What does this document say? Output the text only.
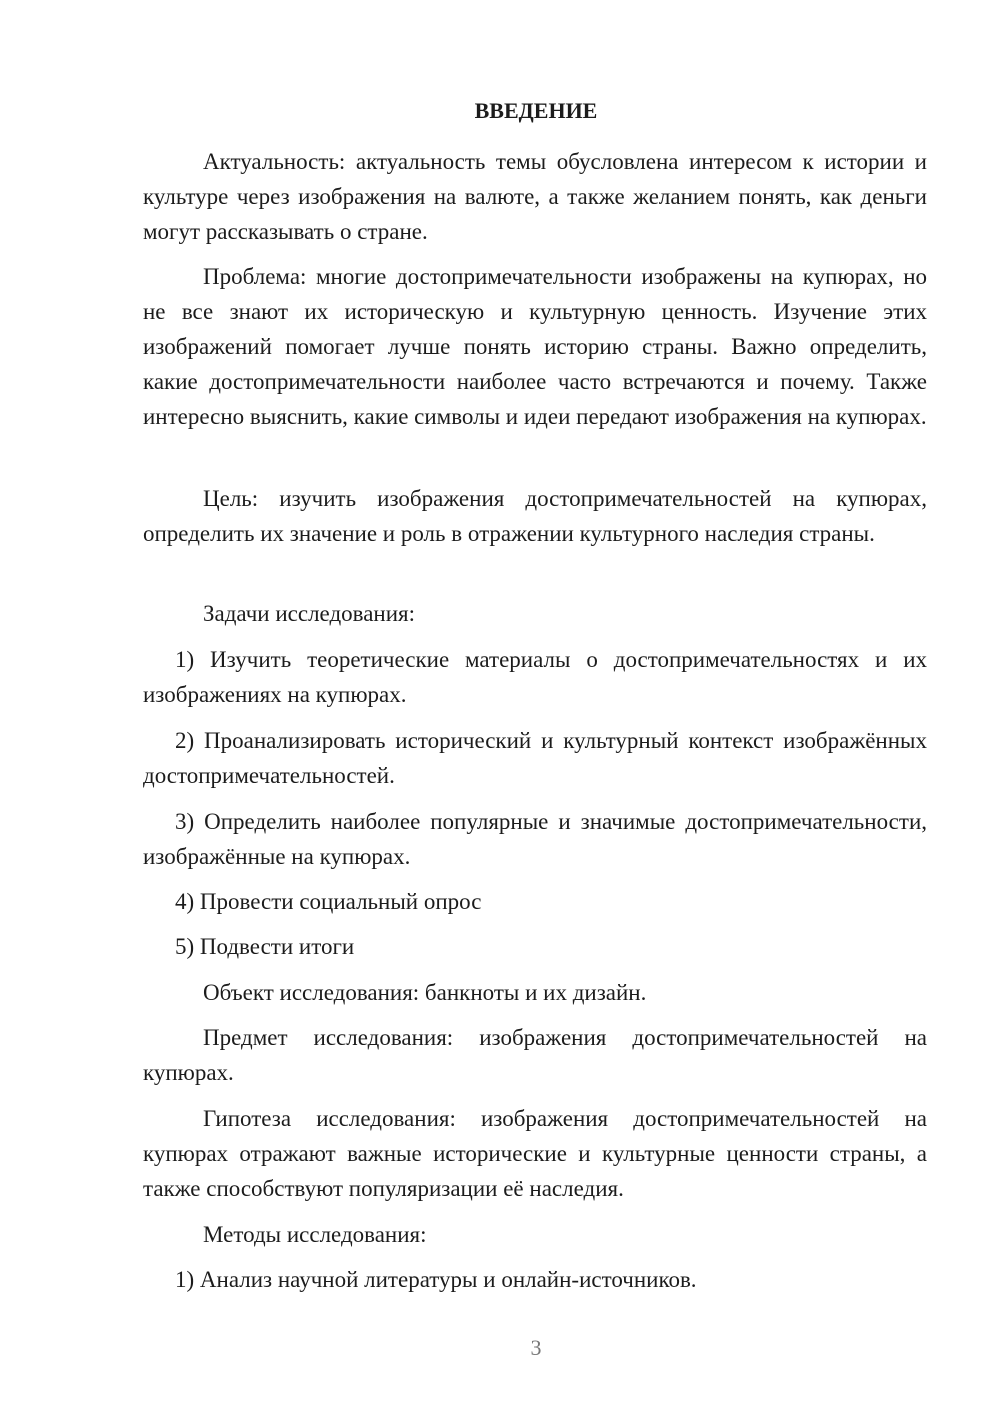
ВВЕДЕНИЕ

Актуальность: актуальность темы обусловлена интересом к истории и культуре через изображения на валюте, а также желанием понять, как деньги могут рассказывать о стране.

Проблема: многие достопримечательности изображены на купюрах, но не все знают их историческую и культурную ценность. Изучение этих изображений помогает лучше понять историю страны. Важно определить, какие достопримечательности наиболее часто встречаются и почему. Также интересно выяснить, какие символы и идеи передают изображения на купюрах.

Цель: изучить изображения достопримечательностей на купюрах, определить их значение и роль в отражении культурного наследия страны.

Задачи исследования:

1) Изучить теоретические материалы о достопримечательностях и их изображениях на купюрах.

2) Проанализировать исторический и культурный контекст изображённых достопримечательностей.

3) Определить наиболее популярные и значимые достопримечательности, изображённые на купюрах.

4) Провести социальный опрос

5) Подвести итоги

Объект исследования: банкноты и их дизайн.

Предмет исследования: изображения достопримечательностей на купюрах.

Гипотеза исследования: изображения достопримечательностей на купюрах отражают важные исторические и культурные ценности страны, а также способствуют популяризации её наследия.

Методы исследования:

1) Анализ научной литературы и онлайн-источников.

3
